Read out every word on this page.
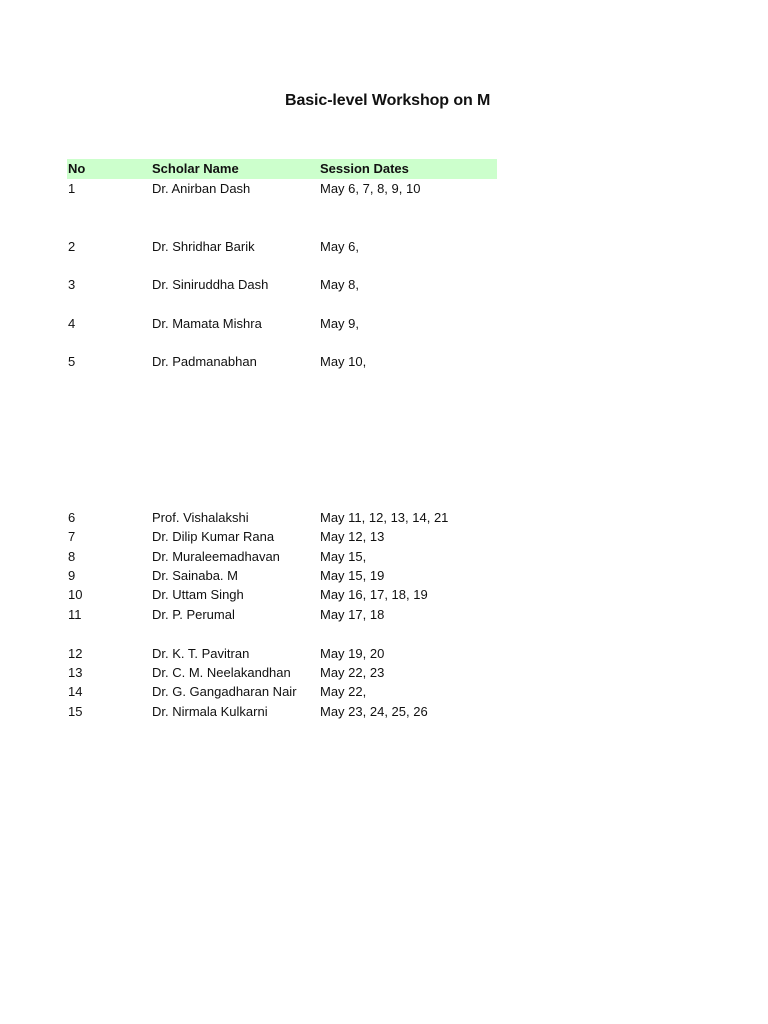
Basic-level Workshop on M
No	Scholar Name	Session Dates
1	Dr. Anirban Dash	May 6, 7, 8, 9, 10
2	Dr. Shridhar Barik	May 6,
3	Dr. Siniruddha Dash	May 8,
4	Dr. Mamata Mishra	May 9,
5	Dr. Padmanabhan	May 10,
6	Prof. Vishalakshi	May 11, 12, 13, 14, 21
7	Dr. Dilip Kumar Rana	May 12, 13
8	Dr. Muraleemadhavan	May 15,
9	Dr. Sainaba. M	May 15, 19
10	Dr. Uttam Singh	May 16, 17, 18, 19
11	Dr. P. Perumal	May 17, 18
12	Dr. K. T. Pavitran	May 19, 20
13	Dr. C. M. Neelakandhan May 22, 23
14	Dr. G. Gangadharan Nair May 22,
15	Dr. Nirmala Kulkarni	May 23, 24, 25, 26
